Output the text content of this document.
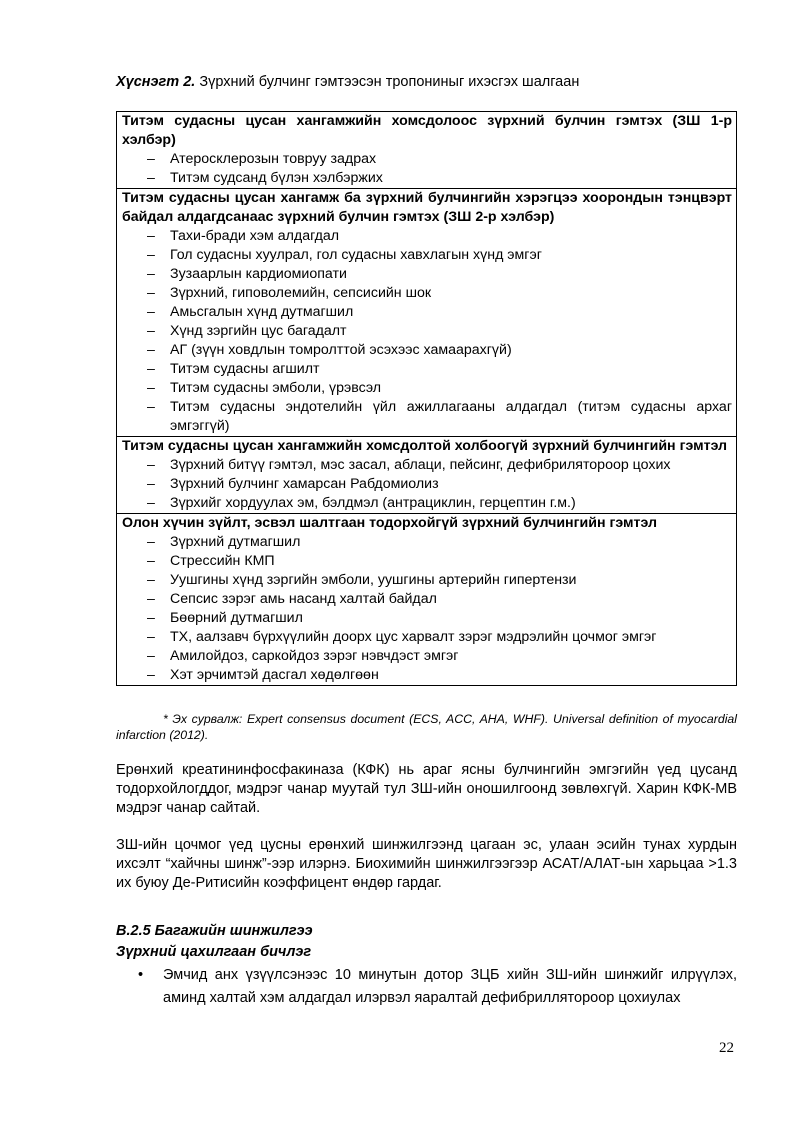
Хүснэгт 2. Зүрхний булчинг гэмтээсэн тропониныг ихэсгэх шалгаан
Титэм судасны цусан хангамжийн хомсдолоос зүрхний булчин гэмтэх (ЗШ 1-р хэлбэр)
– Атеросклерозын товруу задрах
– Титэм судсанд бүлэн хэлбэржих

Титэм судасны цусан хангамж ба зүрхний булчингийн хэрэгцээ хоорондын тэнцвэрт байдал алдагдсанаас зүрхний булчин гэмтэх (ЗШ 2-р хэлбэр)
– Тахи-бради хэм алдагдал
– Гол судасны хуулрал, гол судасны хавхлагын хүнд эмгэг
– Зузаарлын кардиомиопати
– Зүрхний, гиповолемийн, сепсисийн шок
– Амьсгалын хүнд дутмагшил
– Хүнд зэргийн цус багадалт
– АГ (зүүн ховдлын томролттой эсэхээс хамаарахгүй)
– Титэм судасны агшилт
– Титэм судасны эмболи, үрэвсэл
– Титэм судасны эндотелийн үйл ажиллагааны алдагдал (титэм судасны архаг эмгэггүй)

Титэм судасны цусан хангамжийн хомсдолтой холбоогүй зүрхний булчингийн гэмтэл
– Зүрхний битүү гэмтэл, мэс засал, аблаци, пейсинг, дефибрилятороор цохих
– Зүрхний булчинг хамарсан Рабдомиолиз
– Зүрхийг хордуулах эм, бэлдмэл (антрациклин, герцептин г.м.)

Олон хүчин зүйлт, эсвэл шалтгаан тодорхойгүй зүрхний булчингийн гэмтэл
– Зүрхний дутмагшил
– Стрессийн КМП
– Уушгины хүнд зэргийн эмболи, уушгины артерийн гипертензи
– Сепсис зэрэг амь насанд халтай байдал
– Бөөрний дутмагшил
– ТХ, аалзавч бүрхүүлийн доорх цус харвалт зэрэг мэдрэлийн цочмог эмгэг
– Амилойдоз, саркойдоз зэрэг нэвчдэст эмгэг
– Хэт эрчимтэй дасгал хөдөлгөөн
* Эх сурвалж: Expert consensus document (ECS, ACC, AHA, WHF). Universal definition of myocardial infarction (2012).
Ерөнхий креатининфосфакиназа (КФК) нь араг ясны булчингийн эмгэгийн үед цусанд тодорхойлогддог, мэдрэг чанар муутай тул ЗШ-ийн оношилгоонд зөвлөхгүй. Харин КФК-МВ мэдрэг чанар сайтай.
ЗШ-ийн цочмог үед цусны ерөнхий шинжилгээнд цагаан эс, улаан эсийн тунах хурдын ихсэлт “хайчны шинж”-ээр илэрнэ. Биохимийн шинжилгээгээр АСАТ/АЛАТ-ын харьцаа >1.3 их буюу Де-Ритисийн коэффицент өндөр гардаг.
В.2.5 Багажийн шинжилгээ
Зүрхний цахилгаан бичлэг
• Эмчид анх үзүүлсэнээс 10 минутын дотор ЗЦБ хийн ЗШ-ийн шинжийг илрүүлэх, аминд халтай хэм алдагдал илэрвэл яаралтай дефибрилляторoор цохиулах
22
